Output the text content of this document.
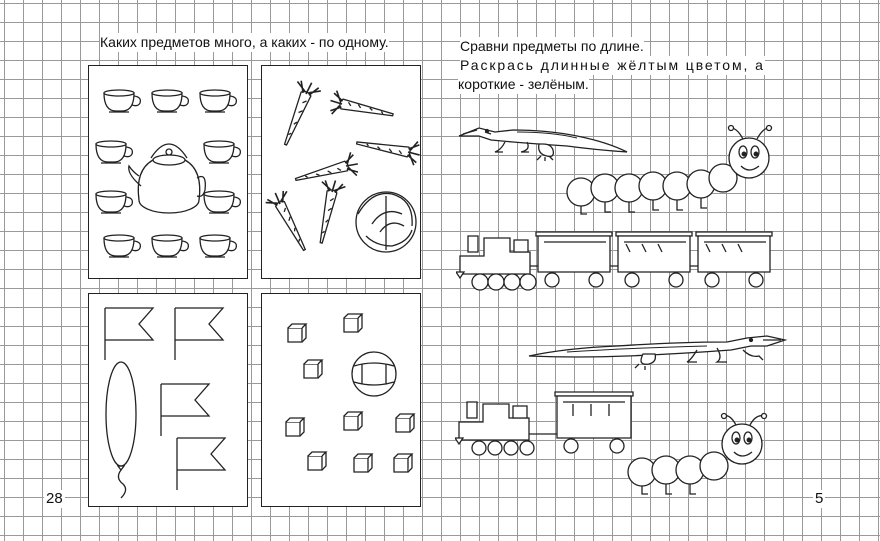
Каких предметов много, а каких - по одному.
28
Сравни предметы по длине.
Раскрась длинные жёлтым цветом, а
короткие - зелёным.
5
